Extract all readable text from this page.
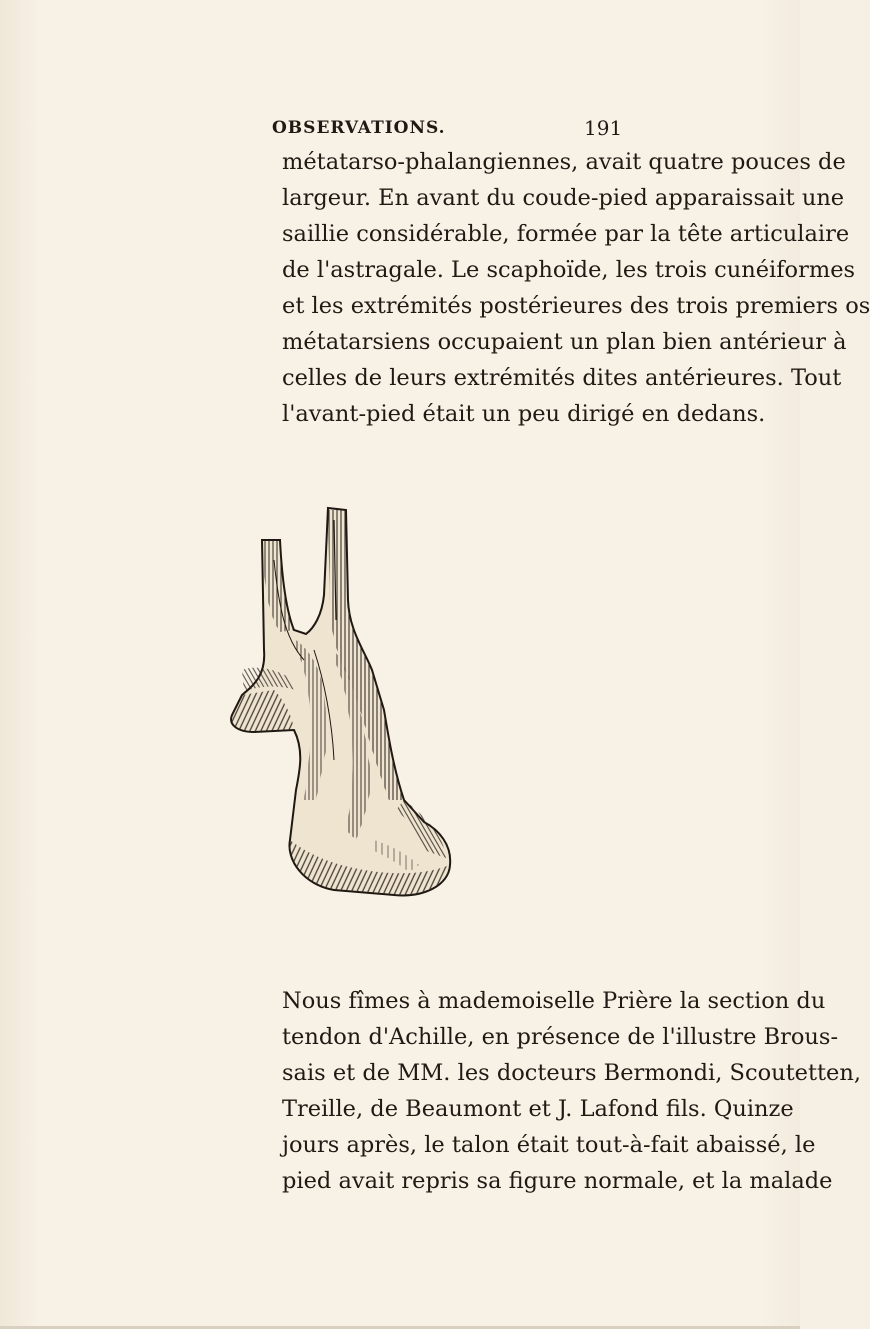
OBSERVATIONS.	191
métatarso-phalangiennes, avait quatre pouces de
largeur. En avant du coude-pied apparaissait une
saillie considérable, formée par la tête articulaire
de l'astragale. Le scaphoïde, les trois cunéiformes
et les extrémités postérieures des trois premiers os
métatarsiens occupaient un plan bien antérieur à
celles de leurs extrémités dites antérieures. Tout
l'avant-pied était un peu dirigé en dedans.
Nous fîmes à mademoiselle Prière la section du
tendon d'Achille, en présence de l'illustre Brous-
sais et de MM. les docteurs Bermondi, Scoutetten,
Treille, de Beaumont et J. Lafond fils. Quinze
jours après, le talon était tout-à-fait abaissé, le
pied avait repris sa figure normale, et la malade
